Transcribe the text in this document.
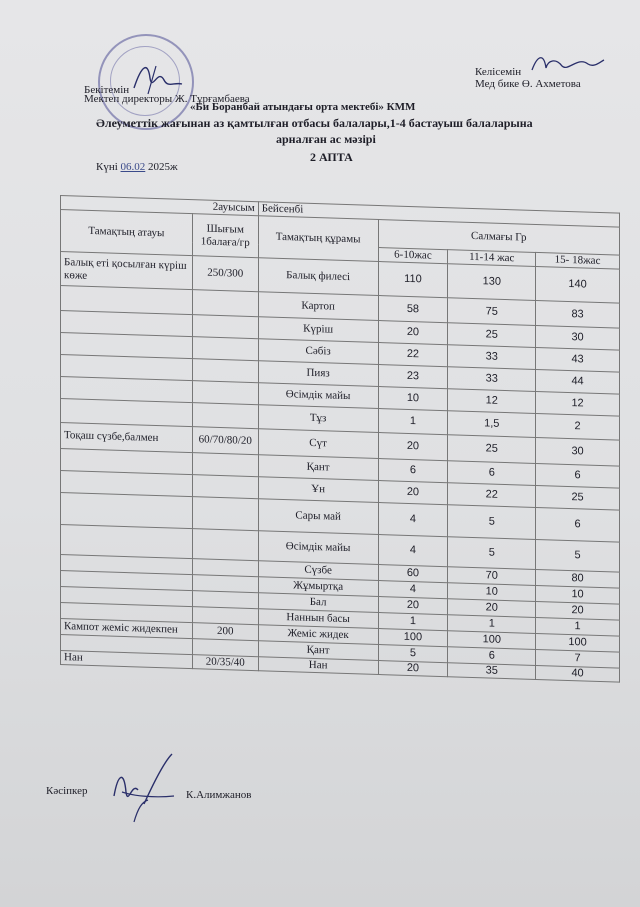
Бекітемін
Мектеп директоры Ж. Тұрғамбаева
Келісемін
Мед бике Ө. Ахметова
«Би Боранбай атындағы орта мектебі» КММ
Әлеуметтік жағынан аз қамтылған отбасы балалары,1-4 бастауыш балаларына
арналған ас мәзірі
Күні 06.02 2025ж
2 АПТА
2ауысым		Бейсенбі			
Тамақтың атауы	Шығым 1балаға/гр	Тамақтың құрамы	Салмағы Гр		
			6-10жас	11-14 жас	15- 18жас
Балық еті қосылған күріш көже	250/300	Балық филесі	110	130	140
		Картоп	58	75	83
		Күріш	20	25	30
		Сәбіз	22	33	43
		Пияз	23	33	44
		Өсімдік майы	10	12	12
		Тұз	1	1,5	2
Тоқаш сүзбе,балмен	60/70/80/20	Сүт	20	25	30
		Қант	6	6	6
		Ұн	20	22	25
		Сары май	4	5	6
		Өсімдік майы	4	5	5
		Сүзбе	60	70	80
		Жұмыртқа	4	10	10
		Бал	20	20	20
		Наннын басы	1	1	1
Кампот жеміс жидекпен	200	Жеміс жидек	100	100	100
		Қант	5	6	7
Нан	20/35/40	Нан	20	35	40
Кәсіпкер	К.Алимжанов
